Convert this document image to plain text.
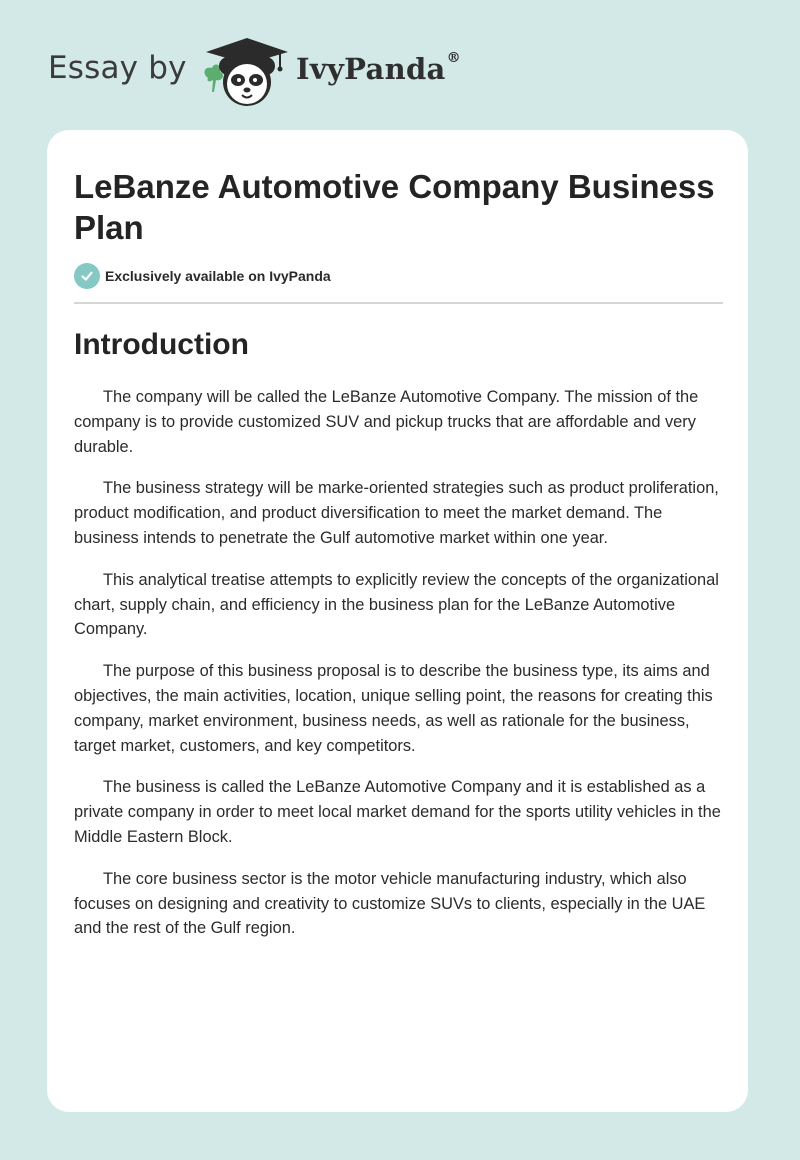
Essay by	IvyPanda®
LeBanze Automotive Company Business Plan
Exclusively available on IvyPanda
Introduction

The company will be called the LeBanze Automotive Company. The mission of the company is to provide customized SUV and pickup trucks that are affordable and very durable.

The business strategy will be marke-oriented strategies such as product proliferation, product modification, and product diversification to meet the market demand. The business intends to penetrate the Gulf automotive market within one year.

This analytical treatise attempts to explicitly review the concepts of the organizational chart, supply chain, and efficiency in the business plan for the LeBanze Automotive Company.

The purpose of this business proposal is to describe the business type, its aims and objectives, the main activities, location, unique selling point, the reasons for creating this company, market environment, business needs, as well as rationale for the business, target market, customers, and key competitors.

The business is called the LeBanze Automotive Company and it is established as a private company in order to meet local market demand for the sports utility vehicles in the Middle Eastern Block.

The core business sector is the motor vehicle manufacturing industry, which also focuses on designing and creativity to customize SUVs to clients, especially in the UAE and the rest of the Gulf region.
